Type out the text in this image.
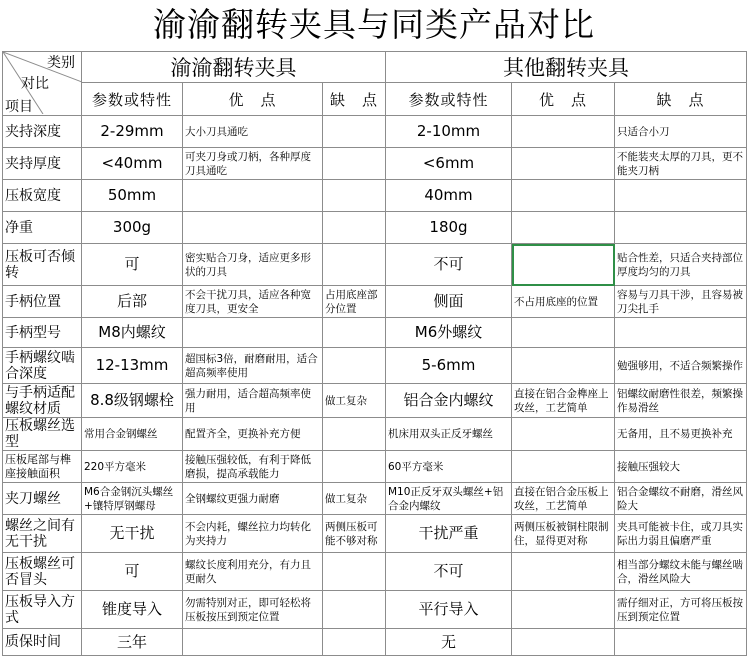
渝渝翻转夹具与同类产品对比
类别
对比
项目	渝渝翻转夹具			其他翻转夹具		
	参数或特性	优　点	缺　点	参数或特性	优　点	缺　点
夹持深度	2-29mm	大小刀具通吃		2-10mm		只适合小刀
夹持厚度	<40mm	可夹刀身或刀柄，各种厚度刀具通吃		<6mm		不能装夹太厚的刀具，更不能夹刀柄
压板宽度	50mm			40mm		
净重	300g			180g		
压板可否倾转	可	密实贴合刀身，适应更多形状的刀具		不可		贴合性差，只适合夹持部位厚度均匀的刀具
手柄位置	后部	不会干扰刀具，适应各种宽度刀具，更安全	占用底座部分位置	侧面	不占用底座的位置	容易与刀具干涉，且容易被刀尖扎手
手柄型号	M8内螺纹			M6外螺纹		
手柄螺纹啮合深度	12-13mm	超国标3倍，耐磨耐用，适合超高频率使用		5-6mm		勉强够用，不适合频繁操作
与手柄适配螺纹材质	8.8级钢螺栓	强力耐用，适合超高频率使用	做工复杂	铝合金内螺纹	直接在铝合金榫座上攻丝，工艺简单	铝螺纹耐磨性很差，频繁操作易滑丝
压板螺丝选型	常用合金钢螺丝	配置齐全，更换补充方便		机床用双头正反牙螺丝		无备用，且不易更换补充
压板尾部与榫座接触面积	220平方毫米	接触压强较低，有利于降低磨损，提高承载能力		60平方毫米		接触压强较大
夹刀螺丝	M6合金钢沉头螺丝+镶特厚钢螺母	全钢螺纹更强力耐磨	做工复杂	M10正反牙双头螺丝+铝合金内螺纹	直接在铝合金压板上攻丝，工艺简单	铝合金螺纹不耐磨，滑丝风险大
螺丝之间有无干扰	无干扰	不会内耗，螺丝拉力均转化为夹持力	两侧压板可能不够对称	干扰严重	两侧压板被铜柱限制住，显得更对称	夹具可能被卡住，或刀具实际出力弱且偏磨严重
压板螺丝可否冒头	可	螺纹长度利用充分，有力且更耐久		不可		相当部分螺纹未能与螺丝啮合，滑丝风险大
压板导入方式	锥度导入	勿需特别对正，即可轻松将压板按压到预定位置		平行导入		需仔细对正，方可将压板按压到预定位置
质保时间	三年			无		
